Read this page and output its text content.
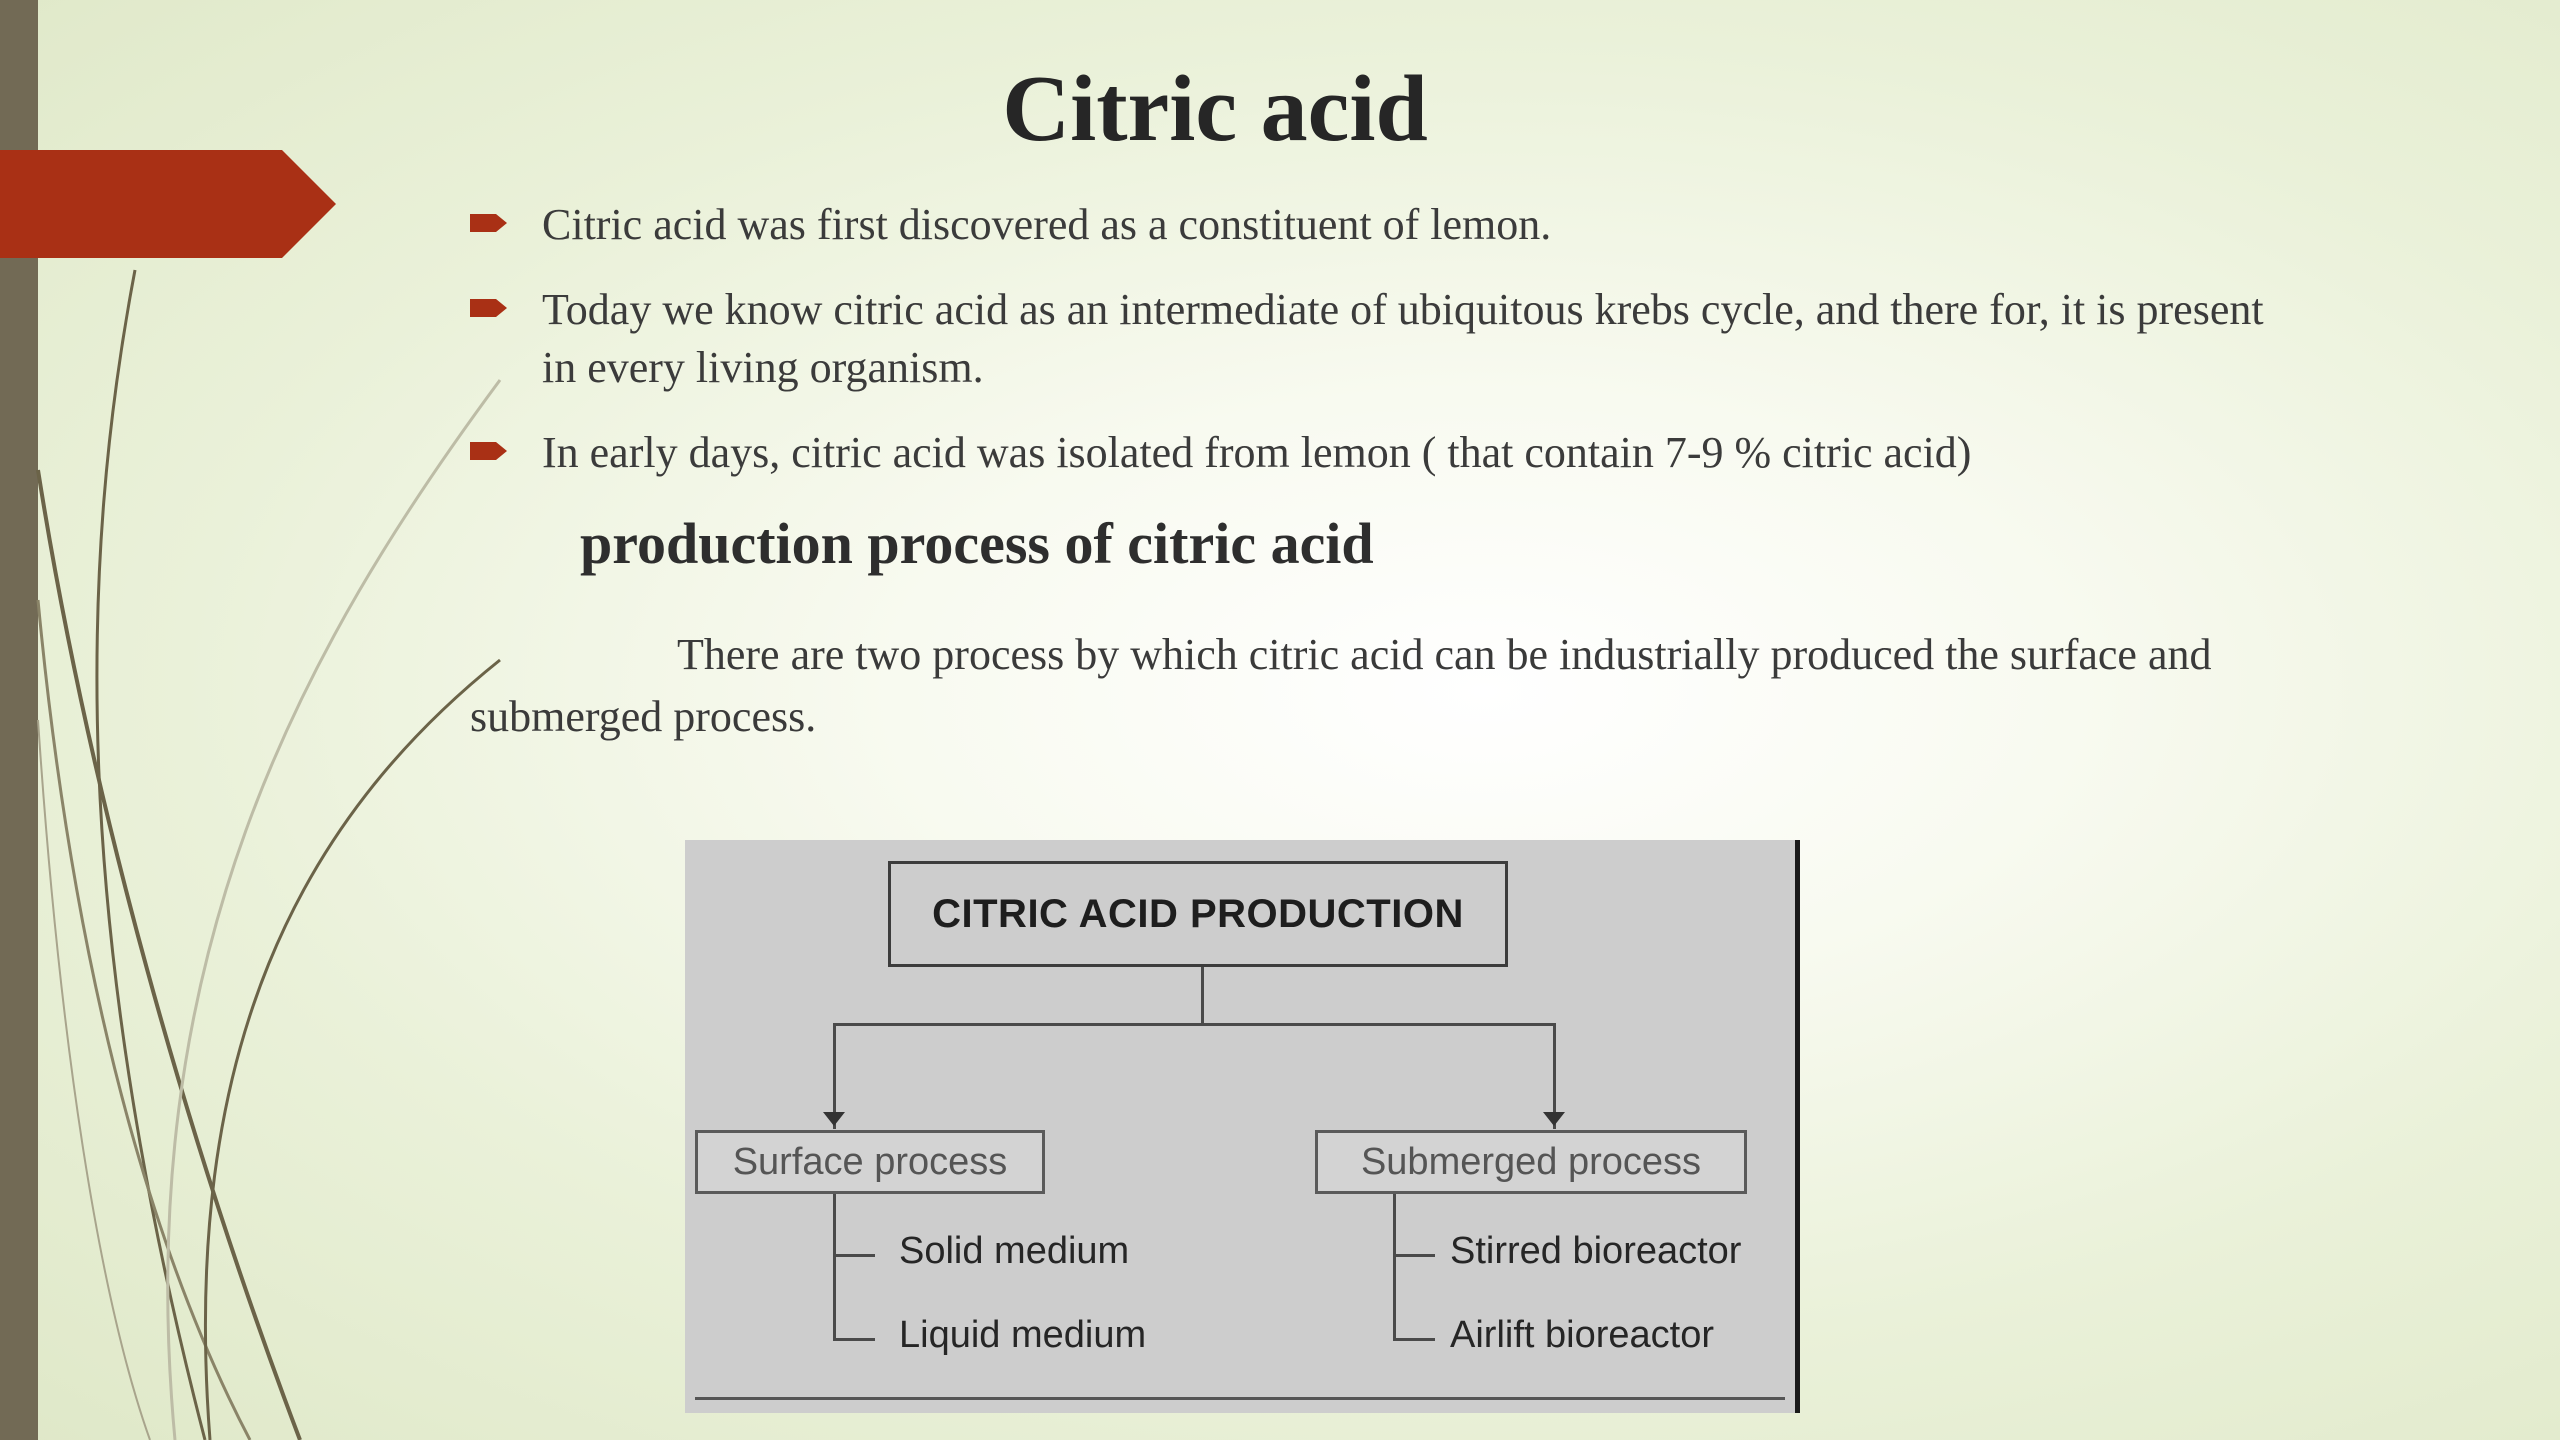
Citric acid
Citric acid was first discovered as a constituent of lemon.
Today we know citric acid as an intermediate of ubiquitous krebs cycle, and there for, it is present in every living organism.
In early days, citric acid was isolated from lemon ( that contain 7-9 % citric acid)
production process of citric acid
There are two process by which citric acid can be industrially produced the surface and submerged process.
CITRIC ACID PRODUCTION
Surface process	Submerged process
Solid medium
Liquid medium
Stirred bioreactor
Airlift bioreactor
